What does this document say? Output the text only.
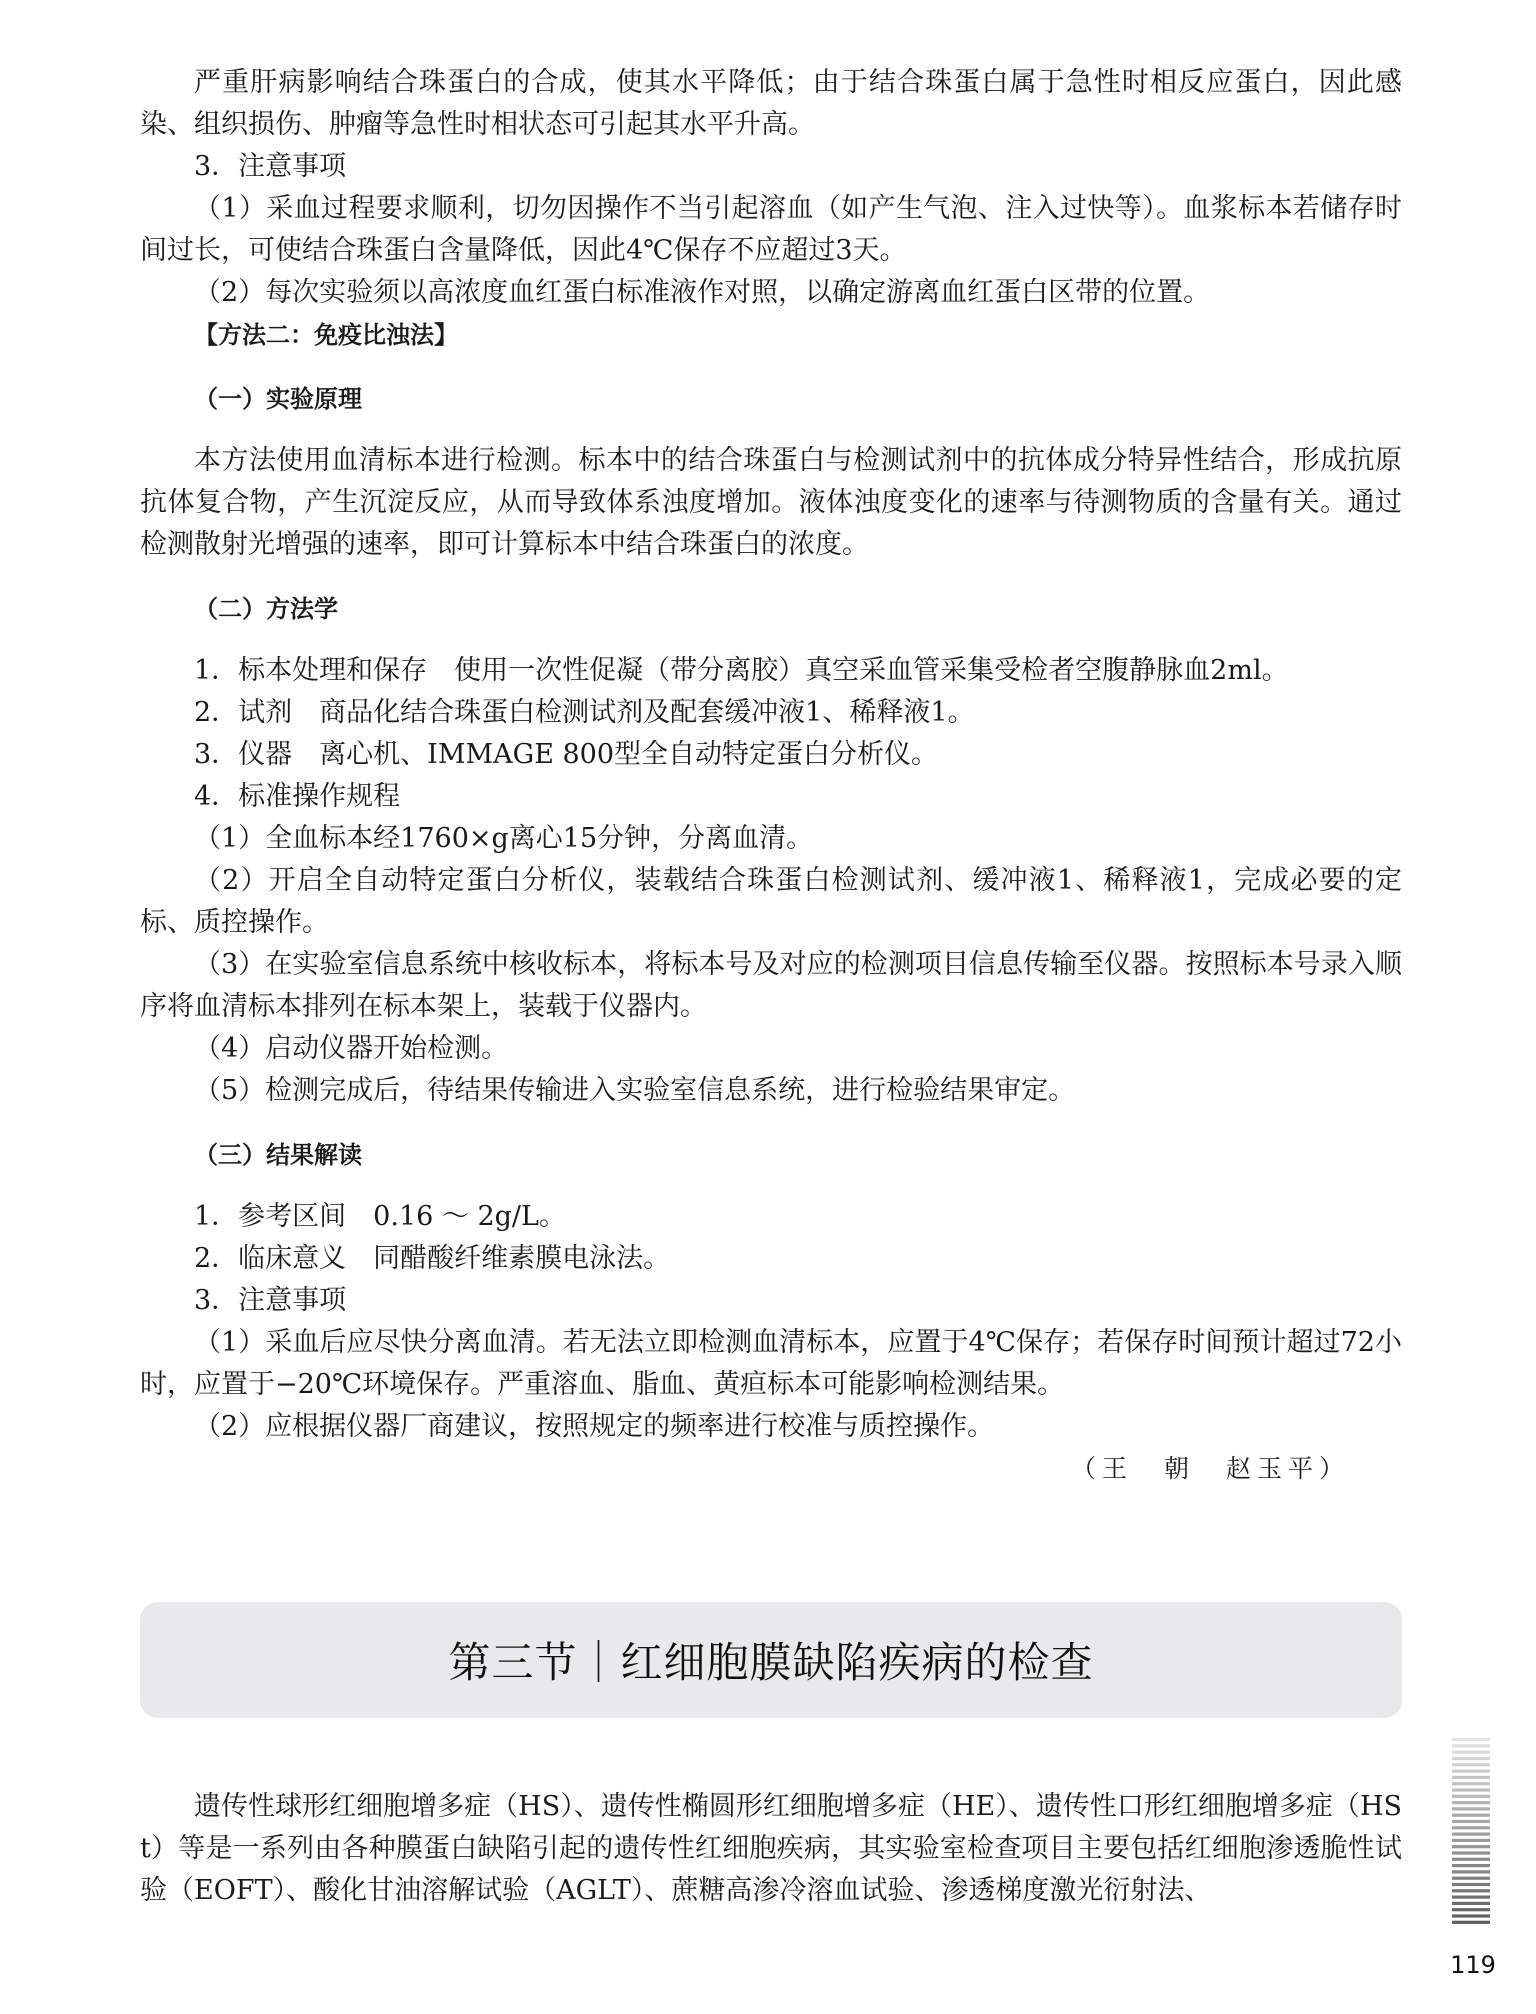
严重肝病影响结合珠蛋白的合成，使其水平降低；由于结合珠蛋白属于急性时相反应蛋白，因此感染、组织损伤、肿瘤等急性时相状态可引起其水平升高。

3．注意事项

（1）采血过程要求顺利，切勿因操作不当引起溶血（如产生气泡、注入过快等）。血浆标本若储存时间过长，可使结合珠蛋白含量降低，因此4℃保存不应超过3天。

（2）每次实验须以高浓度血红蛋白标准液作对照，以确定游离血红蛋白区带的位置。

【方法二：免疫比浊法】

（一）实验原理

本方法使用血清标本进行检测。标本中的结合珠蛋白与检测试剂中的抗体成分特异性结合，形成抗原抗体复合物，产生沉淀反应，从而导致体系浊度增加。液体浊度变化的速率与待测物质的含量有关。通过检测散射光增强的速率，即可计算标本中结合珠蛋白的浓度。

（二）方法学

1．标本处理和保存　使用一次性促凝（带分离胶）真空采血管采集受检者空腹静脉血2ml。

2．试剂　商品化结合珠蛋白检测试剂及配套缓冲液1、稀释液1。

3．仪器　离心机、IMMAGE 800型全自动特定蛋白分析仪。

4．标准操作规程

（1）全血标本经1760×g离心15分钟，分离血清。

（2）开启全自动特定蛋白分析仪，装载结合珠蛋白检测试剂、缓冲液1、稀释液1，完成必要的定标、质控操作。

（3）在实验室信息系统中核收标本，将标本号及对应的检测项目信息传输至仪器。按照标本号录入顺序将血清标本排列在标本架上，装载于仪器内。

（4）启动仪器开始检测。

（5）检测完成后，待结果传输进入实验室信息系统，进行检验结果审定。

（三）结果解读

1．参考区间　0.16 ～ 2g/L。

2．临床意义　同醋酸纤维素膜电泳法。

3．注意事项

（1）采血后应尽快分离血清。若无法立即检测血清标本，应置于4℃保存；若保存时间预计超过72小时，应置于−20℃环境保存。严重溶血、脂血、黄疸标本可能影响检测结果。

（2）应根据仪器厂商建议，按照规定的频率进行校准与质控操作。

（王　朝　赵玉平）

第三节｜红细胞膜缺陷疾病的检查

遗传性球形红细胞增多症（HS）、遗传性椭圆形红细胞增多症（HE）、遗传性口形红细胞增多症（HSt）等是一系列由各种膜蛋白缺陷引起的遗传性红细胞疾病，其实验室检查项目主要包括红细胞渗透脆性试验（EOFT）、酸化甘油溶解试验（AGLT）、蔗糖高渗冷溶血试验、渗透梯度激光衍射法、

119
